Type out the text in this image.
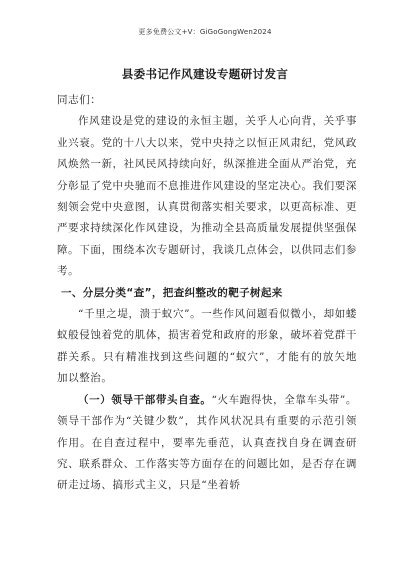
更多免费公文+V：GiGoGongWen2024
县委书记作风建设专题研讨发言

同志们：

作风建设是党的建设的永恒主题，关乎人心向背，关乎事业兴衰。党的十八大以来，党中央持之以恒正风肃纪，党风政风焕然一新，社风民风持续向好，纵深推进全面从严治党，充分彰显了党中央驰而不息推进作风建设的坚定决心。我们要深刻领会党中央意图，认真贯彻落实相关要求，以更高标准、更严要求持续深化作风建设，为推动全县高质量发展提供坚强保障。下面，围绕本次专题研讨，我谈几点体会，以供同志们参考。

一、分层分类“查”，把查纠整改的靶子树起来

“千里之堤，溃于蚁穴”。一些作风问题看似微小，却如蝼蚁般侵蚀着党的肌体，损害着党和政府的形象，破坏着党群干群关系。只有精准找到这些问题的“蚁穴”，才能有的放矢地加以整治。

（一）领导干部带头自查。“火车跑得快，全靠车头带”。领导干部作为“关键少数”，其作风状况具有重要的示范引领作用。在自查过程中，要率先垂范，认真查找自身在调查研究、联系群众、工作落实等方面存在的问题比如，是否存在调研走过场、搞形式主义，只是“坐着轿
